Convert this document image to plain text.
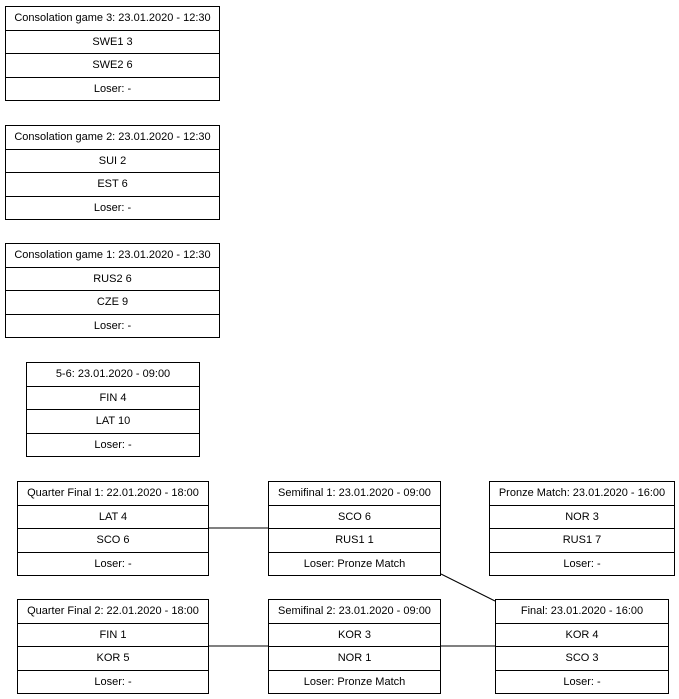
Consolation game 3: 23.01.2020 - 12:30
SWE1 3
SWE2 6
Loser: -
Consolation game 2: 23.01.2020 - 12:30
SUI 2
EST 6
Loser: -
Consolation game 1: 23.01.2020 - 12:30
RUS2 6
CZE 9
Loser: -
5-6: 23.01.2020 - 09:00
FIN 4
LAT 10
Loser: -
Quarter Final 1: 22.01.2020 - 18:00
LAT 4
SCO 6
Loser: -
Quarter Final 2: 22.01.2020 - 18:00
FIN 1
KOR 5
Loser: -
Semifinal 1: 23.01.2020 - 09:00
SCO 6
RUS1 1
Loser: Pronze Match
Semifinal 2: 23.01.2020 - 09:00
KOR 3
NOR 1
Loser: Pronze Match
Pronze Match: 23.01.2020 - 16:00
NOR 3
RUS1 7
Loser: -
Final: 23.01.2020 - 16:00
KOR 4
SCO 3
Loser: -
